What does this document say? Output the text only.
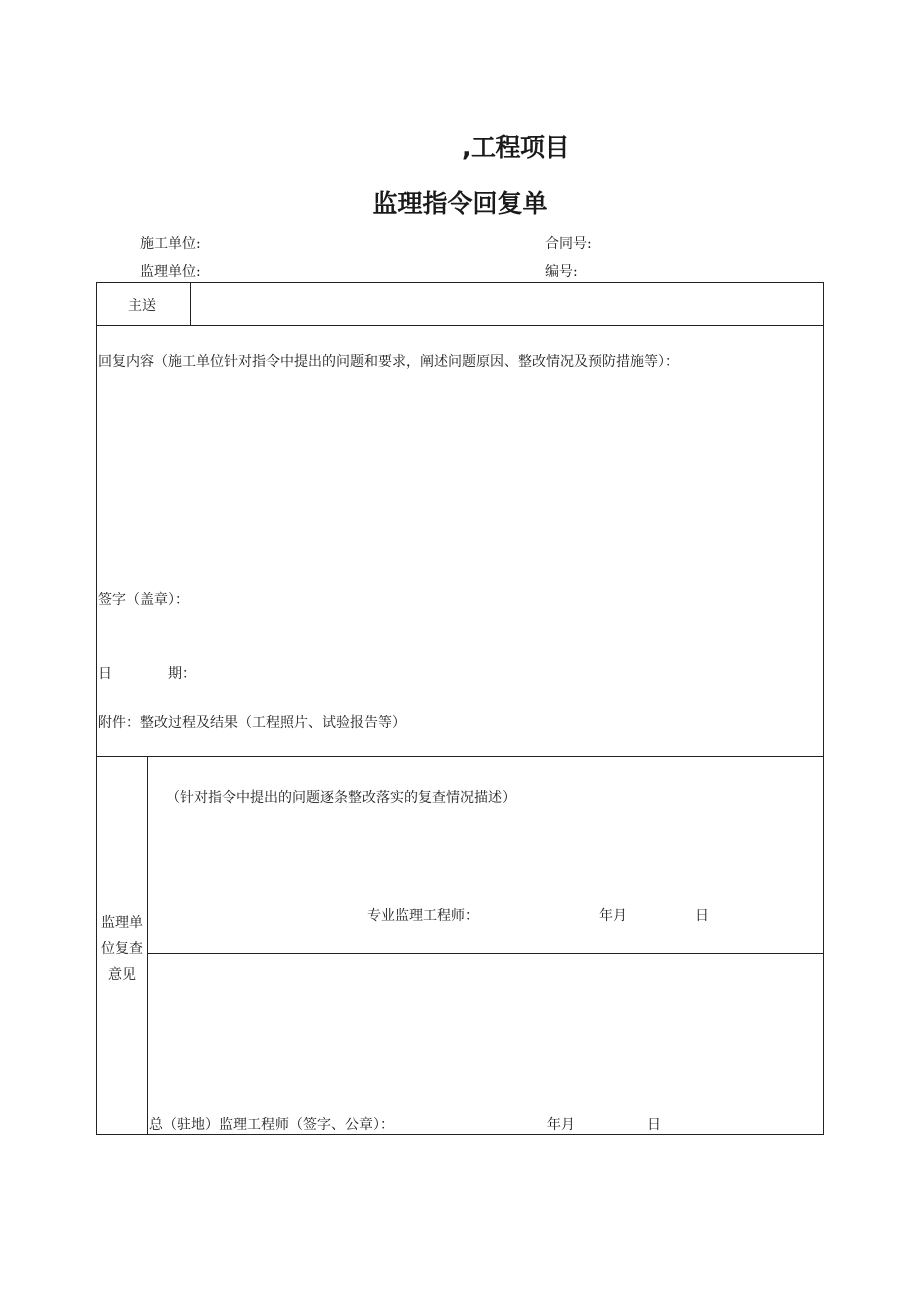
,工程项目
监理指令回复单
施工单位:	合同号:
监理单位:	编号:
主送
回复内容（施工单位针对指令中提出的问题和要求，阐述问题原因、整改情况及预防措施等）：
签字（盖章）：
日	期：
附件：整改过程及结果（工程照片、试验报告等）
监理单位复查意见
（针对指令中提出的问题逐条整改落实的复查情况描述）
专业监理工程师：	年月	日
总（驻地）监理工程师（签字、公章）：	年月	日
